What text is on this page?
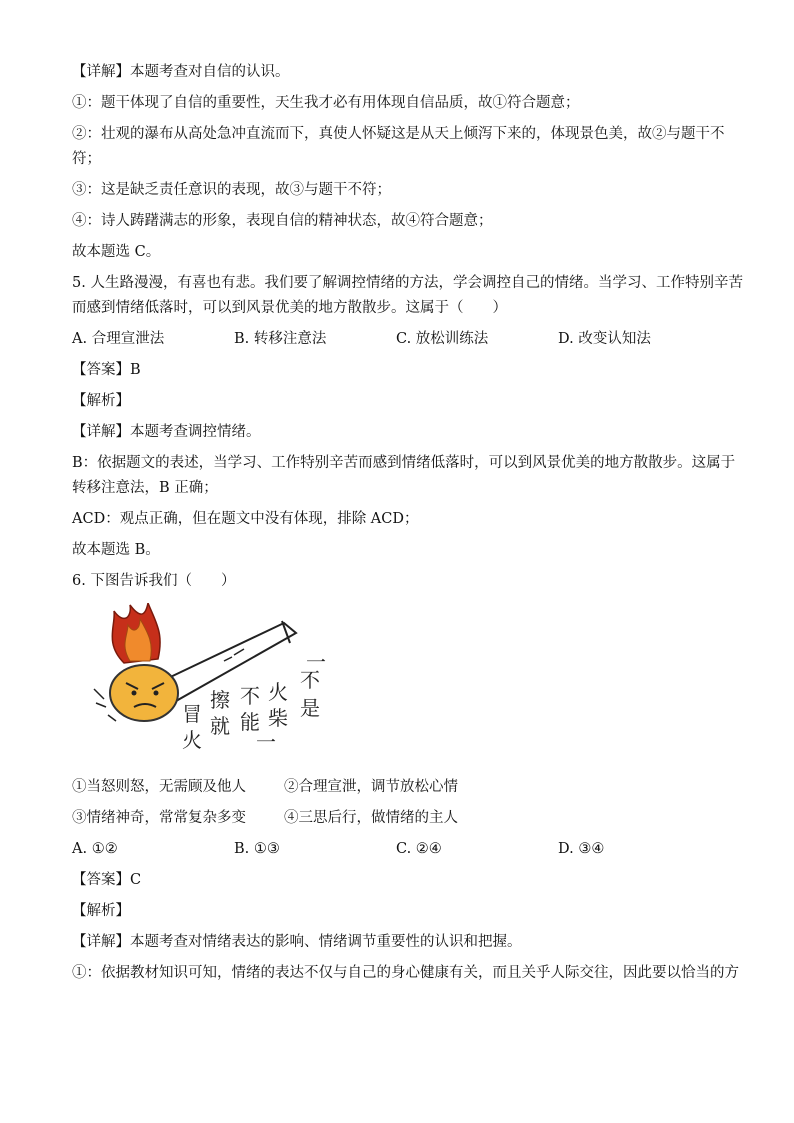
【详解】本题考查对自信的认识。

①：题干体现了自信的重要性，天生我才必有用体现自信品质，故①符合题意；

②：壮观的瀑布从高处急冲直流而下，真使人怀疑这是从天上倾泻下来的，体现景色美，故②与题干不

符；

③：这是缺乏责任意识的表现，故③与题干不符；

④：诗人踌躇满志的形象，表现自信的精神状态，故④符合题意；

故本题选 C。

5. 人生路漫漫，有喜也有悲。我们要了解调控情绪的方法，学会调控自己的情绪。当学习、工作特别辛苦

而感到情绪低落时，可以到风景优美的地方散散步。这属于（　　）

A. 合理宣泄法	B. 转移注意法	C. 放松训练法	D. 改变认知法

【答案】B

【解析】

【详解】本题考查调控情绪。

B：依据题文的表述，当学习、工作特别辛苦而感到情绪低落时，可以到风景优美的地方散散步。这属于

转移注意法，B 正确；

ACD：观点正确，但在题文中没有体现，排除 ACD；

故本题选 B。

6. 下图告诉我们（　　）

冒
火
擦
就
不
能
火
柴
一
不
是
一
①当怒则怒，无需顾及他人	②合理宣泄，调节放松心情
③情绪神奇，常常复杂多变	④三思后行，做情绪的主人
A. ①②	B. ①③	C. ②④	D. ③④

【答案】C

【解析】

【详解】本题考查对情绪表达的影响、情绪调节重要性的认识和把握。

①：依据教材知识可知，情绪的表达不仅与自己的身心健康有关，而且关乎人际交往，因此要以恰当的方
